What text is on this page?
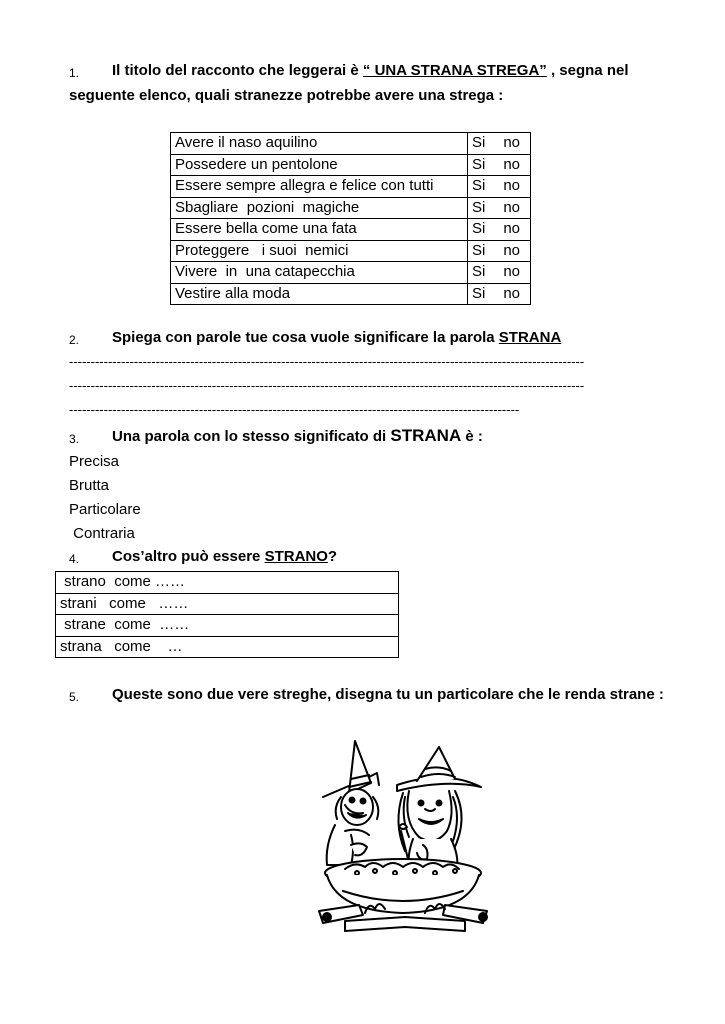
1. Il titolo del racconto che leggerai è “ UNA STRANA STREGA” , segna nel
seguente elenco, quali stranezze potrebbe avere una strega :
Avere il naso aquilino	Si no
Possedere un pentolone	Si no
Essere sempre allegra e felice con tutti	Si no
Sbagliare  pozioni  magiche	Si no
Essere bella come una fata	Si no
Proteggere   i suoi  nemici	Si no
Vivere  in  una catapecchia	Si no
Vestire alla moda	Si no
2. Spiega con parole tue cosa vuole significare la parola STRANA
-----------------------------------------------------------------------------------------------------------------------
-----------------------------------------------------------------------------------------------------------------------
--------------------------------------------------------------------------------------------------------
3. Una parola con lo stesso significato di STRANA è :
Precisa
Brutta
Particolare
Contraria
4. Cos’altro può essere STRANO?
strano  come ……
strani   come   ……
strane  come  ……
strana   come    …
5. Queste sono due vere streghe, disegna tu un particolare che le renda strane :
